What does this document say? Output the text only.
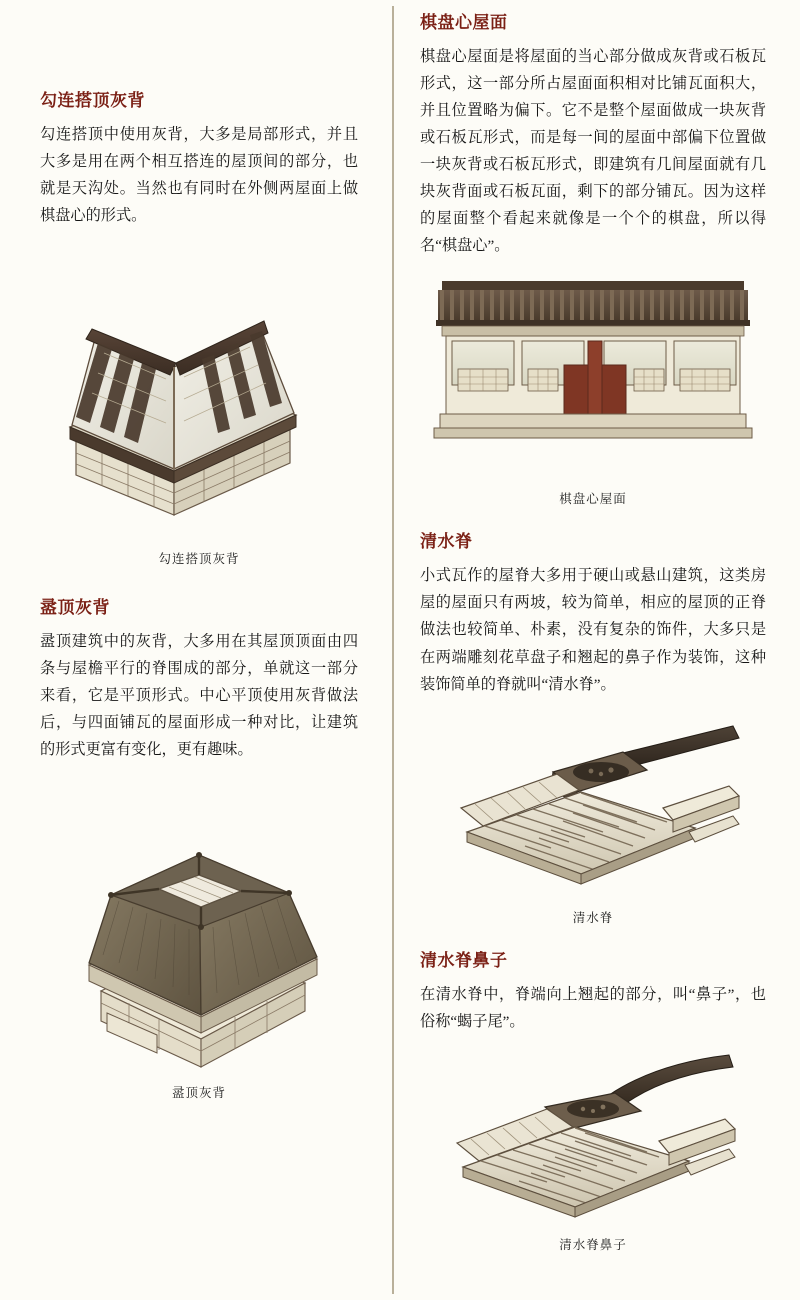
勾连搭顶灰背

勾连搭顶中使用灰背，大多是局部形式，并且大多是用在两个相互搭连的屋顶间的部分，也就是天沟处。当然也有同时在外侧两屋面上做棋盘心的形式。

勾连搭顶灰背
盝顶灰背

盝顶建筑中的灰背，大多用在其屋顶顶面由四条与屋檐平行的脊围成的部分，单就这一部分来看，它是平顶形式。中心平顶使用灰背做法后，与四面铺瓦的屋面形成一种对比，让建筑的形式更富有变化，更有趣味。

盝顶灰背
棋盘心屋面

棋盘心屋面是将屋面的当心部分做成灰背或石板瓦形式，这一部分所占屋面面积相对比铺瓦面积大，并且位置略为偏下。它不是整个屋面做成一块灰背或石板瓦形式，而是每一间的屋面中部偏下位置做一块灰背或石板瓦形式，即建筑有几间屋面就有几块灰背面或石板瓦面，剩下的部分铺瓦。因为这样的屋面整个看起来就像是一个个的棋盘，所以得名“棋盘心”。

棋盘心屋面
清水脊

小式瓦作的屋脊大多用于硬山或悬山建筑，这类房屋的屋面只有两坡，较为简单，相应的屋顶的正脊做法也较简单、朴素，没有复杂的饰件，大多只是在两端雕刻花草盘子和翘起的鼻子作为装饰，这种装饰简单的脊就叫“清水脊”。

清水脊
清水脊鼻子

在清水脊中，脊端向上翘起的部分，叫“鼻子”，也俗称“蝎子尾”。

清水脊鼻子
